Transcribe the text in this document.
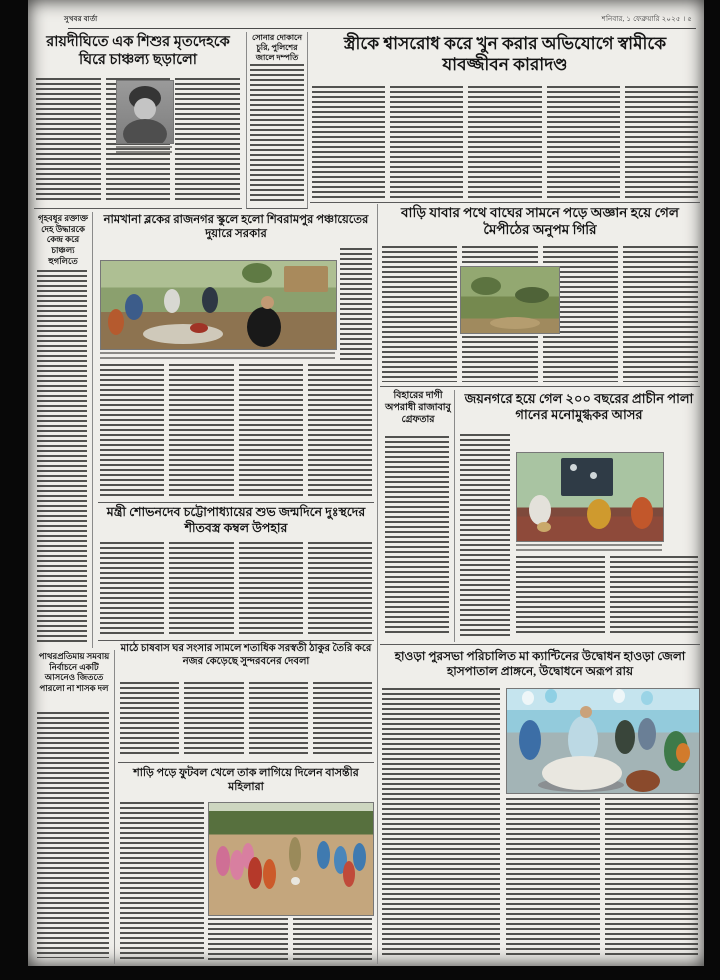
সুখবর বার্তা	শনিবার, ১ ফেব্রুয়ারি ২০২৫ । ৫
রায়দীঘিতে এক শিশুর মৃতদেহকে ঘিরে চাঞ্চল্য ছড়ালো
সোনার দোকানে চুরি, পুলিশের জালে দম্পতি
স্ত্রীকে শ্বাসরোধ করে খুন করার অভিযোগে স্বামীকে যাবজ্জীবন কারাদণ্ড
গৃহবধূর রক্তাক্ত দেহ উদ্ধারকে কেন্দ্র করে চাঞ্চল্য হুগলিতে
নামখানা ব্লকের রাজনগর স্কুলে হলো শিবরামপুর পঞ্চায়েতের দুয়ারে সরকার
বাড়ি যাবার পথে বাঘের সামনে পড়ে অজ্ঞান হয়ে গেল মৈপীঠের অনুপম গিরি
বিহারের দাগী অপরাধী রাজাবাবু গ্রেফতার
জয়নগরে হয়ে গেল ২০০ বছরের প্রাচীন পালা গানের মনোমুগ্ধকর আসর
মন্ত্রী শোভনদেব চট্টোপাধ্যায়ের শুভ জন্মদিনে দুঃস্থদের শীতবস্ত্র কম্বল উপহার
পাথরপ্রতিমায় সমবায় নির্বাচনে একটি আসনেও জিততে পারলো না শাসক দল
মাঠে চাষবাস ঘর সংসার সামলে শতাধিক সরস্বতী ঠাকুর তৈরি করে নজর কেড়েছে সুন্দরবনের দেবলা
শাড়ি পড়ে ফুটবল খেলে তাক লাগিয়ে দিলেন বাসন্তীর মহিলারা
হাওড়া পুরসভা পরিচালিত মা ক্যান্টিনের উদ্বোধন হাওড়া জেলা হাসপাতাল প্রাঙ্গনে, উদ্বোধনে অরূপ রায়
